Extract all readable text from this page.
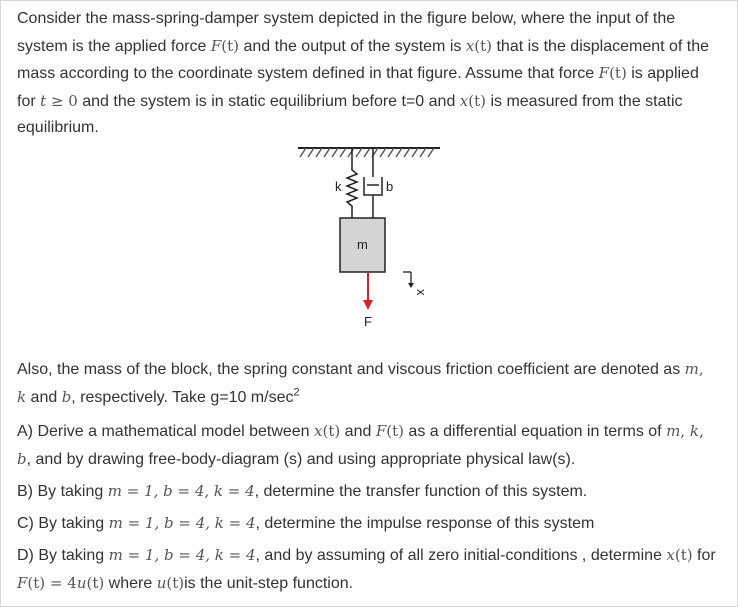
Consider the mass-spring-damper system depicted in the figure below, where the input of the system is the applied force F(t) and the output of the system is x(t) that is the displacement of the mass according to the coordinate system defined in that figure. Assume that force F(t) is applied for t ≥ 0 and the system is in static equilibrium before t=0 and x(t) is measured from the static equilibrium.

k	b
m
F
x

Also, the mass of the block, the spring constant and viscous friction coefficient are denoted as m, k and b, respectively. Take g=10 $m/\sec^2$

A) Derive a mathematical model between x(t) and F(t) as a differential equation in terms of m, k, b, and by drawing free-body-diagram (s) and using appropriate physical law(s).

B) By taking m = 1, b = 4, k = 4, determine the transfer function of this system.

C) By taking m = 1, b = 4, k = 4, determine the impulse response of this system

D) By taking m = 1, b = 4, k = 4, and by assuming of all zero initial-conditions , determine x(t) for F(t) = 4u(t) where u(t)is the unit-step function.
